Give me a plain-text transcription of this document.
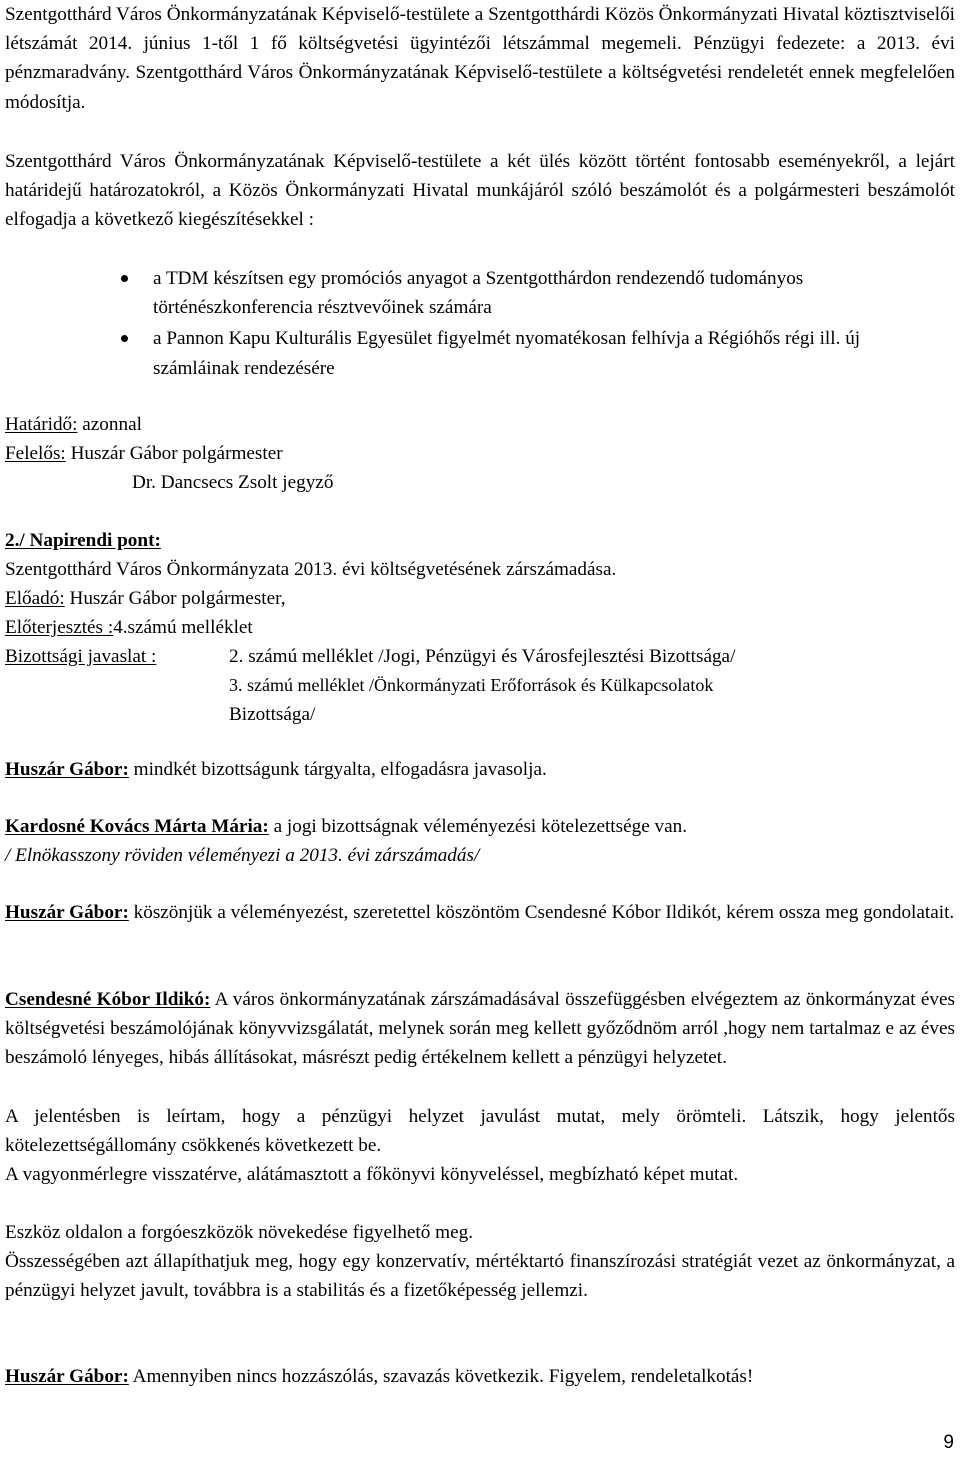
Szentgotthárd Város Önkormányzatának Képviselő-testülete a Szentgotthárdi Közös Önkormányzati Hivatal köztisztviselői létszámát 2014. június 1-től 1 fő költségvetési ügyintézői létszámmal megemeli. Pénzügyi fedezete: a 2013. évi pénzmaradvány. Szentgotthárd Város Önkormányzatának Képviselő-testülete a költségvetési rendeletét ennek megfelelően módosítja.

Szentgotthárd Város Önkormányzatának Képviselő-testülete a két ülés között történt fontosabb eseményekről, a lejárt határidejű határozatokról, a Közös Önkormányzati Hivatal munkájáról szóló beszámolót és a polgármesteri beszámolót elfogadja a következő kiegészítésekkel :

a TDM készítsen egy promóciós anyagot a Szentgotthárdon rendezendő tudományos történészkonferencia résztvevőinek számára
a Pannon Kapu Kulturális Egyesület figyelmét nyomatékosan felhívja a Régióhős régi ill. új számláinak rendezésére

Határidő: azonnal

Felelős: Huszár Gábor polgármester

Dr. Dancsecs Zsolt jegyző

2./ Napirendi pont:

Szentgotthárd Város Önkormányzata 2013. évi költségvetésének zárszámadása.

Előadó: Huszár Gábor polgármester,

Előterjesztés :4.számú melléklet

Bizottsági javaslat :	2. számú melléklet /Jogi, Pénzügyi és Városfejlesztési Bizottsága/

3. számú melléklet /Önkormányzati Erőforrások és Külkapcsolatok

Bizottsága/

Huszár Gábor: mindkét bizottságunk tárgyalta, elfogadásra javasolja.

Kardosné Kovács Márta Mária: a jogi bizottságnak véleményezési kötelezettsége van.

/ Elnökasszony röviden véleményezi a 2013. évi zárszámadás/

Huszár Gábor: köszönjük a véleményezést, szeretettel köszöntöm Csendesné Kóbor Ildikót, kérem ossza meg gondolatait.

Csendesné Kóbor Ildikó: A város önkormányzatának zárszámadásával összefüggésben elvégeztem az önkormányzat éves költségvetési beszámolójának könyvvizsgálatát, melynek során meg kellett győződnöm arról ,hogy nem tartalmaz e az éves beszámoló lényeges, hibás állításokat, másrészt pedig értékelnem kellett a pénzügyi helyzetet.

A jelentésben is leírtam, hogy a pénzügyi helyzet javulást mutat, mely örömteli. Látszik, hogy jelentős kötelezettségállomány csökkenés következett be.

A vagyonmérlegre visszatérve, alátámasztott a főkönyvi könyveléssel, megbízható képet mutat.

Eszköz oldalon a forgóeszközök növekedése figyelhető meg.

Összességében azt állapíthatjuk meg, hogy egy konzervatív, mértéktartó finanszírozási stratégiát vezet az önkormányzat, a pénzügyi helyzet javult, továbbra is a stabilitás és a fizetőképesség jellemzi.

Huszár Gábor: Amennyiben nincs hozzászólás, szavazás következik. Figyelem, rendeletalkotás!

9
